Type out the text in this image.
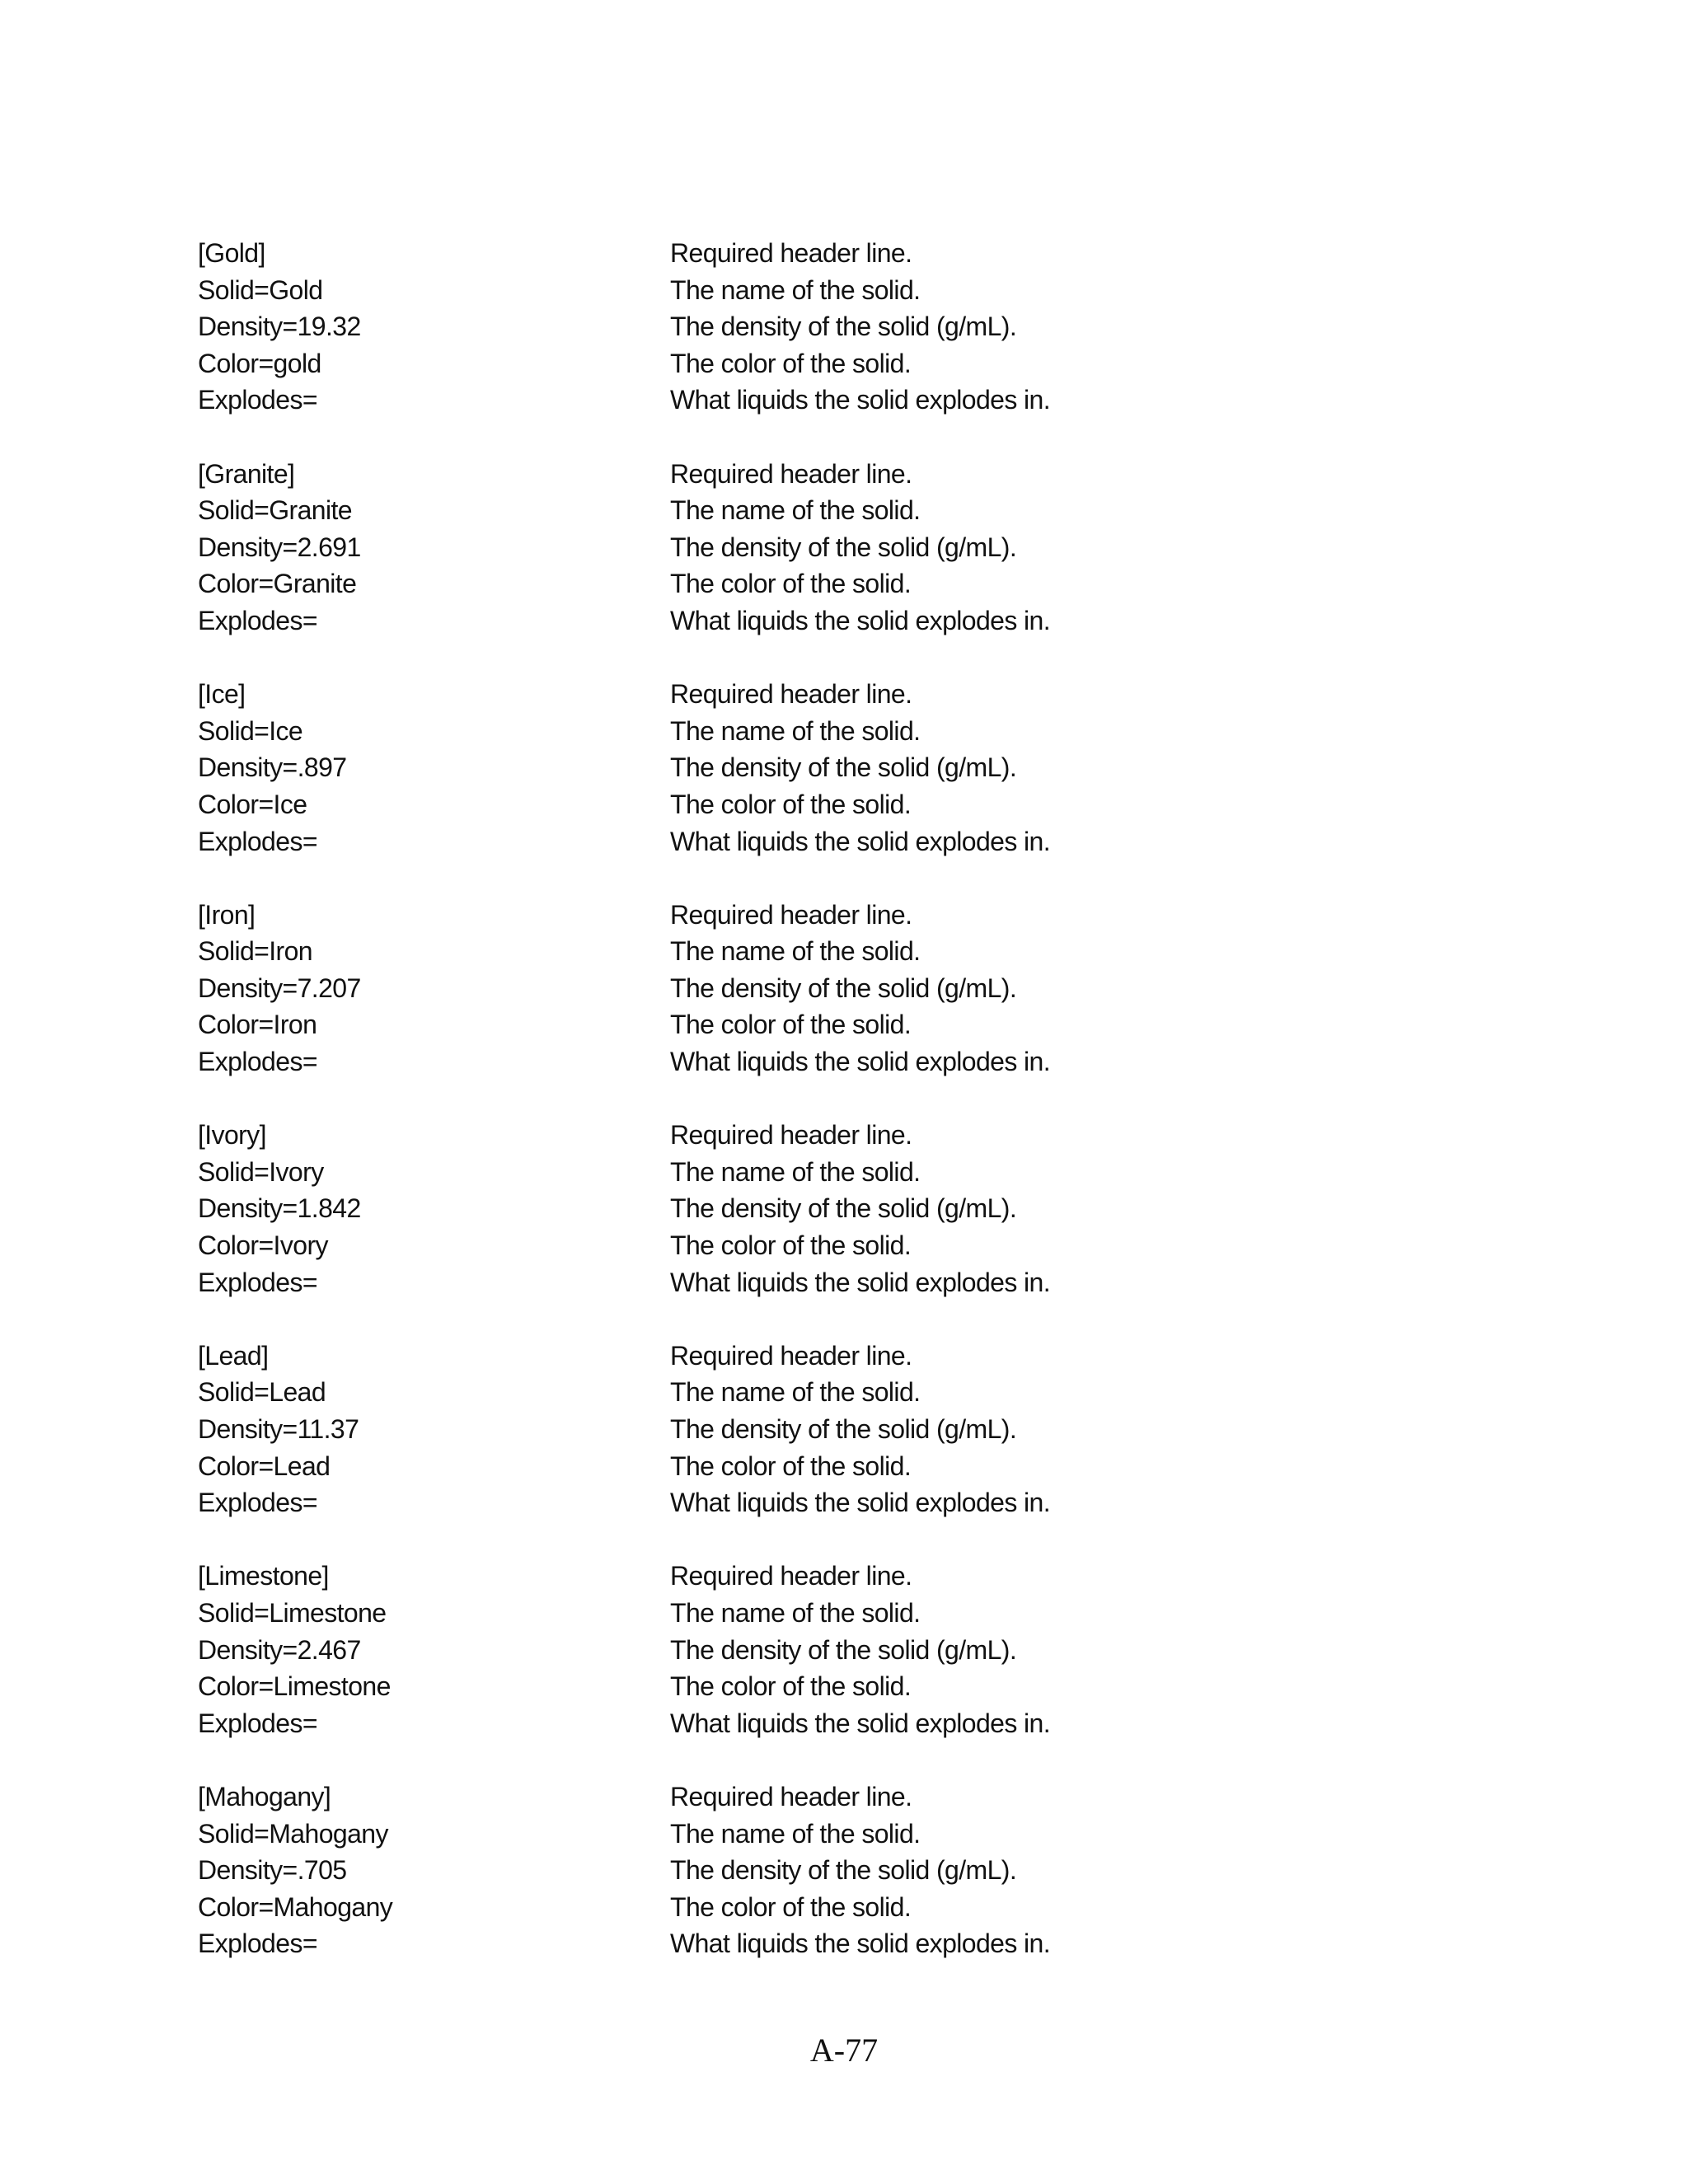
[Gold]	Required header line.
Solid=Gold	The name of the solid.
Density=19.32	The density of the solid (g/mL).
Color=gold	The color of the solid.
Explodes=	What liquids the solid explodes in.
[Granite]	Required header line.
Solid=Granite	The name of the solid.
Density=2.691	The density of the solid (g/mL).
Color=Granite	The color of the solid.
Explodes=	What liquids the solid explodes in.
[Ice]	Required header line.
Solid=Ice	The name of the solid.
Density=.897	The density of the solid (g/mL).
Color=Ice	The color of the solid.
Explodes=	What liquids the solid explodes in.
[Iron]	Required header line.
Solid=Iron	The name of the solid.
Density=7.207	The density of the solid (g/mL).
Color=Iron	The color of the solid.
Explodes=	What liquids the solid explodes in.
[Ivory]	Required header line.
Solid=Ivory	The name of the solid.
Density=1.842	The density of the solid (g/mL).
Color=Ivory	The color of the solid.
Explodes=	What liquids the solid explodes in.
[Lead]	Required header line.
Solid=Lead	The name of the solid.
Density=11.37	The density of the solid (g/mL).
Color=Lead	The color of the solid.
Explodes=	What liquids the solid explodes in.
[Limestone]	Required header line.
Solid=Limestone	The name of the solid.
Density=2.467	The density of the solid (g/mL).
Color=Limestone	The color of the solid.
Explodes=	What liquids the solid explodes in.
[Mahogany]	Required header line.
Solid=Mahogany	The name of the solid.
Density=.705	The density of the solid (g/mL).
Color=Mahogany	The color of the solid.
Explodes=	What liquids the solid explodes in.
A-77
